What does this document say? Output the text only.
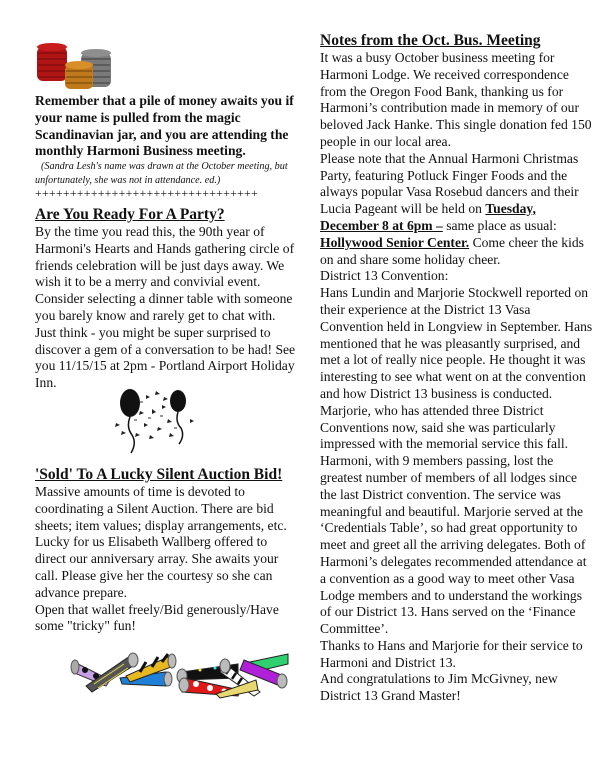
Remember that a pile of money awaits you if your name is pulled from the magic Scandinavian jar, and you are attending the monthly Harmoni Business meeting.

(Sandra Lesh's name was drawn at the October meeting, but unfortunately, she was not in attendance. ed.)

++++++++++++++++++++++++++++++++

Are You Ready For A Party?

By the time you read this, the 90th year of Harmoni's Hearts and Hands gathering circle of friends celebration will be just days away. We wish it to be a merry and convivial event. Consider selecting a dinner table with someone you barely know and rarely get to chat with. Just think - you might be super surprised to discover a gem of a conversation to be had! See you 11/15/15 at 2pm - Portland Airport Holiday Inn.

'Sold' To A Lucky Silent Auction Bid!

Massive amounts of time is devoted to coordinating a Silent Auction. There are bid sheets; item values; display arrangements, etc. Lucky for us Elisabeth Wallberg offered to direct our anniversary array. She awaits your call. Please give her the courtesy so she can advance prepare.

Open that wallet freely/Bid generously/Have some "tricky" fun!

Notes from the Oct. Bus. Meeting

It was a busy October business meeting for Harmoni Lodge. We received correspondence from the Oregon Food Bank, thanking us for Harmoni’s contribution made in memory of our beloved Jack Hanke. This single donation fed 150 people in our local area.

Please note that the Annual Harmoni Christmas Party, featuring Potluck Finger Foods and the always popular Vasa Rosebud dancers and their Lucia Pageant will be held on Tuesday, December 8 at 6pm – same place as usual: Hollywood Senior Center. Come cheer the kids on and share some holiday cheer.

District 13 Convention:

Hans Lundin and Marjorie Stockwell reported on their experience at the District 13 Vasa Convention held in Longview in September. Hans mentioned that he was pleasantly surprised, and met a lot of really nice people. He thought it was interesting to see what went on at the convention and how District 13 business is conducted. Marjorie, who has attended three District Conventions now, said she was particularly impressed with the memorial service this fall. Harmoni, with 9 members passing, lost the greatest number of members of all lodges since the last District convention. The service was meaningful and beautiful. Marjorie served at the ‘Credentials Table’, so had great opportunity to meet and greet all the arriving delegates. Both of Harmoni’s delegates recommended attendance at a convention as a good way to meet other Vasa Lodge members and to understand the workings of our District 13. Hans served on the ‘Finance Committee’.

Thanks to Hans and Marjorie for their service to Harmoni and District 13.

And congratulations to Jim McGivney, new District 13 Grand Master!
